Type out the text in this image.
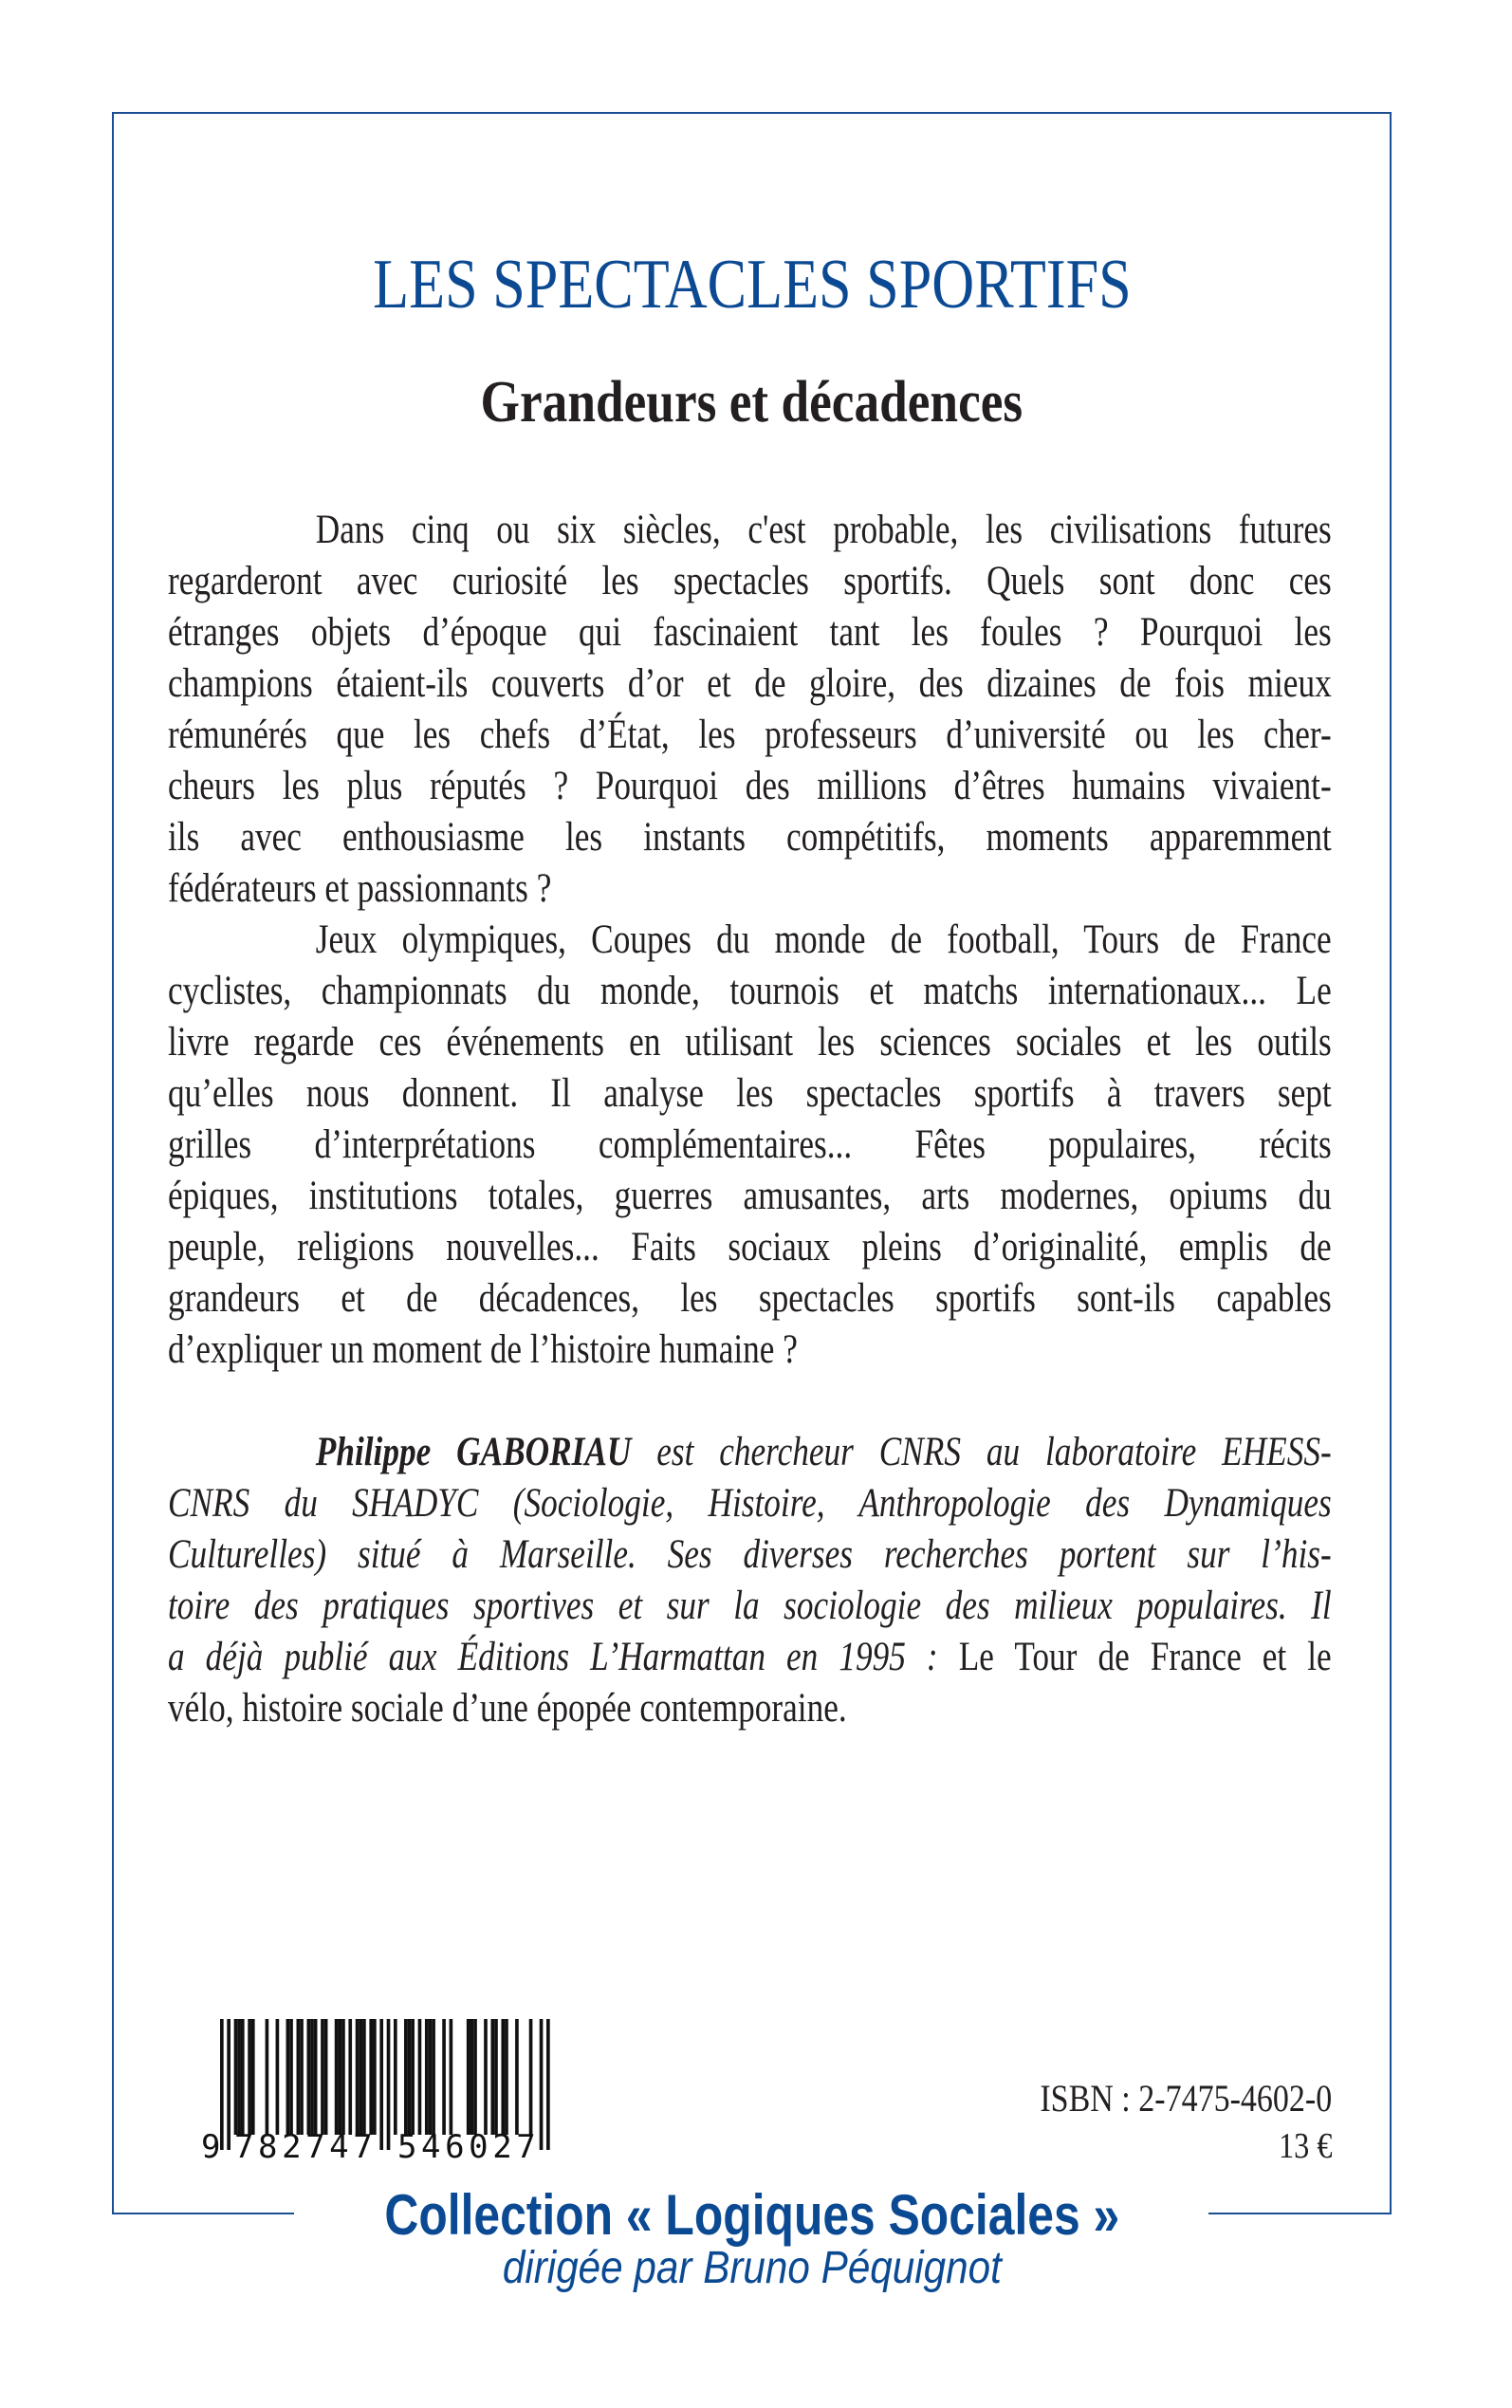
LES SPECTACLES SPORTIFS
Grandeurs et décadences
Dans cinq ou six siècles, c'est probable, les civilisations futures
regarderont avec curiosité les spectacles sportifs. Quels sont donc ces
étranges objets d’époque qui fascinaient tant les foules ? Pourquoi les
champions étaient-ils couverts d’or et de gloire, des dizaines de fois mieux
rémunérés que les chefs d’État, les professeurs d’université ou les cher-
cheurs les plus réputés ? Pourquoi des millions d’êtres humains vivaient-
ils avec enthousiasme les instants compétitifs, moments apparemment
fédérateurs et passionnants ?
Jeux olympiques, Coupes du monde de football, Tours de France
cyclistes, championnats du monde, tournois et matchs internationaux... Le
livre regarde ces événements en utilisant les sciences sociales et les outils
qu’elles nous donnent. Il analyse les spectacles sportifs à travers sept
grilles d’interprétations complémentaires... Fêtes populaires, récits
épiques, institutions totales, guerres amusantes, arts modernes, opiums du
peuple, religions nouvelles... Faits sociaux pleins d’originalité, emplis de
grandeurs et de décadences, les spectacles sportifs sont-ils capables
d’expliquer un moment de l’histoire humaine ?
Philippe GABORIAU est chercheur CNRS au laboratoire EHESS-
CNRS du SHADYC (Sociologie, Histoire, Anthropologie des Dynamiques
Culturelles) situé à Marseille. Ses diverses recherches portent sur l’his-
toire des pratiques sportives et sur la sociologie des milieux populaires. Il
a déjà publié aux Éditions L’Harmattan en 1995 : Le Tour de France et le
vélo, histoire sociale d’une épopée contemporaine.
9 782747 546027
ISBN : 2-7475-4602-0
13 €
Collection « Logiques Sociales »
dirigée par Bruno Péquignot
